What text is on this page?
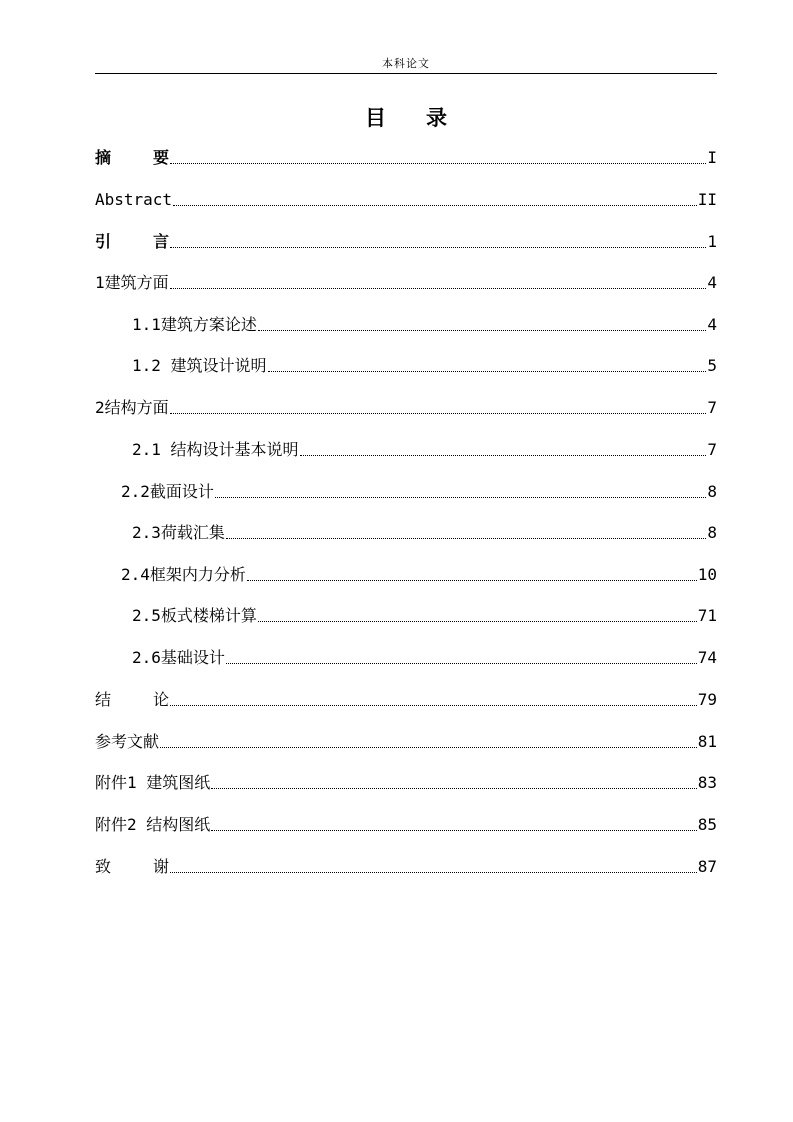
本科论文
目 录
摘	要	I
Abstract	II
引	言	1
1建筑方面	4
1.1建筑方案论述	4
1.2 建筑设计说明	5
2结构方面	7
2.1 结构设计基本说明	7
2.2截面设计	8
2.3荷载汇集	8
2.4框架内力分析	10
2.5板式楼梯计算	71
2.6基础设计	74
结	论	79
参考文献	81
附件1 建筑图纸	83
附件2 结构图纸	85
致	谢	87
